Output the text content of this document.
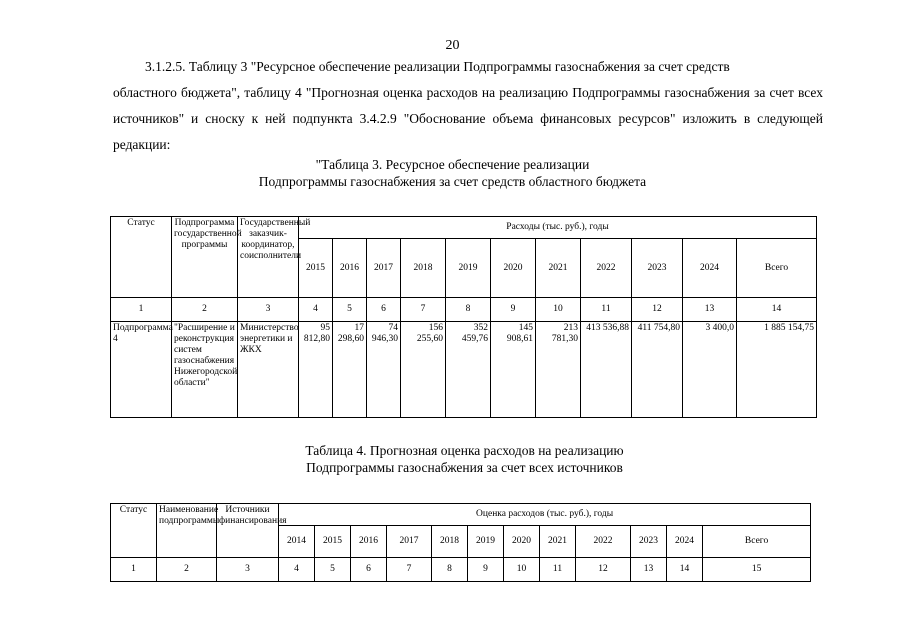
20
3.1.2.5. Таблицу 3 "Ресурсное обеспечение реализации Подпрограммы газоснабжения за счет средств
областного бюджета", таблицу 4 "Прогнозная оценка расходов на реализацию Подпрограммы газоснабжения за счет всех источников" и сноску к ней подпункта 3.4.2.9 "Обоснование объема финансовых ресурсов" изложить в следующей редакции:
"Таблица 3. Ресурсное обеспечение реализации
Подпрограммы газоснабжения за счет средств областного бюджета
Статус	Подпрограмма государственной программы	Государственный заказчик-координатор, соисполнители	Расходы (тыс. руб.), годы										
			2015	2016	2017	2018	2019	2020	2021	2022	2023	2024	Всего
1	2	3	4	5	6	7	8	9	10	11	12	13	14
Подпрограмма 4	"Расширение и реконструкция систем газоснабжения Нижегородской области"	Министерство энергетики и ЖКХ	95 812,80	17 298,60	74 946,30	156 255,60	352 459,76	145 908,61	213 781,30	413 536,88	411 754,80	3 400,0	1 885 154,75
Таблица 4. Прогнозная оценка расходов на реализацию
Подпрограммы газоснабжения за счет всех источников
Статус	Наименование подпрограммы	Источники финансирования	Оценка расходов (тыс. руб.), годы											
			2014	2015	2016	2017	2018	2019	2020	2021	2022	2023	2024	Всего
1	2	3	4	5	6	7	8	9	10	11	12	13	14	15
